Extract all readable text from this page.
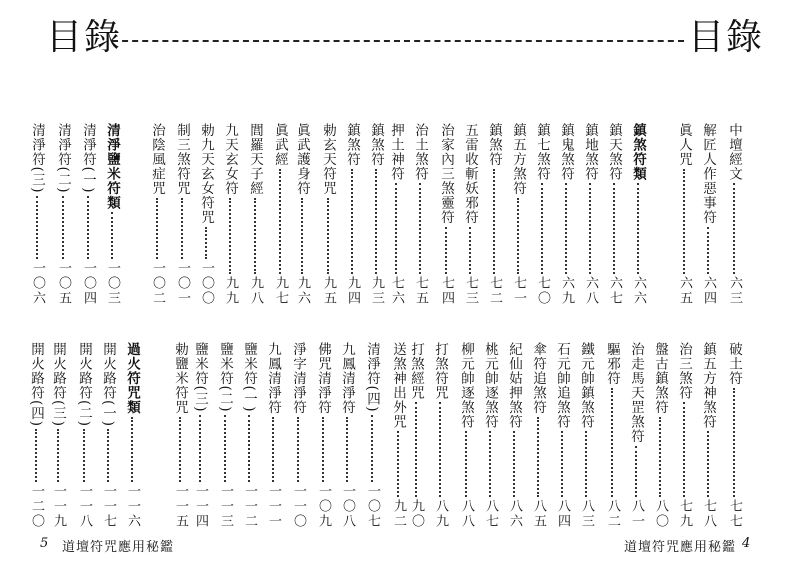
目錄	目錄
中壇經文
六三
解匠人作惡事符
六四
眞人咒
六五
鎮煞符類
六六
鎮天煞符
六七
鎮地煞符
六八
鎮鬼煞符
六九
鎮七煞符
七〇
鎮五方煞符
七一
鎮煞符
七二
五雷收斬妖邪符
七三
治家內三煞靈符
七四
治土煞符
七五
押土神符
七六
鎮煞符
九三
鎮煞符
九四
勅玄天符咒
九五
眞武護身符
九六
眞武經
九七
閭羅天子經
九八
九天玄女符
九九
勅九天玄女符咒
一〇〇
制三煞符咒
一〇一
治陰風症咒
一〇二
清淨鹽米符類
一〇三
清淨符(一)
一〇四
清淨符(二)
一〇五
清淨符(三)
一〇六
破土符
七七
鎮五方神煞符
七八
治三煞符
七九
盤古鎮煞符
八〇
治走馬天罡煞符
八一
驅邪符
八二
鐵元帥鎮煞符
八三
石元帥追煞符
八四
傘符追煞符
八五
紀仙姑押煞符
八六
桃元帥逐煞符
八七
柳元帥逐煞符
八八
打煞符咒
八九
打煞經咒
九〇
送煞神出外咒
九二
清淨符(四)
一〇七
九鳳清淨符
一〇八
佛咒清淨符
一〇九
淨字清淨符
一一〇
九鳳清淨符
一一一
鹽米符(一)
一一二
鹽米符(二)
一一三
鹽米符(三)
一一四
勅鹽米符咒
一一五
過火符咒類
一一六
開火路符(一)
一一七
開火路符(二)
一一八
開火路符(三)
一一九
開火路符(四)
一二〇
5 道壇符咒應用秘鑑	道壇符咒應用秘鑑 4
